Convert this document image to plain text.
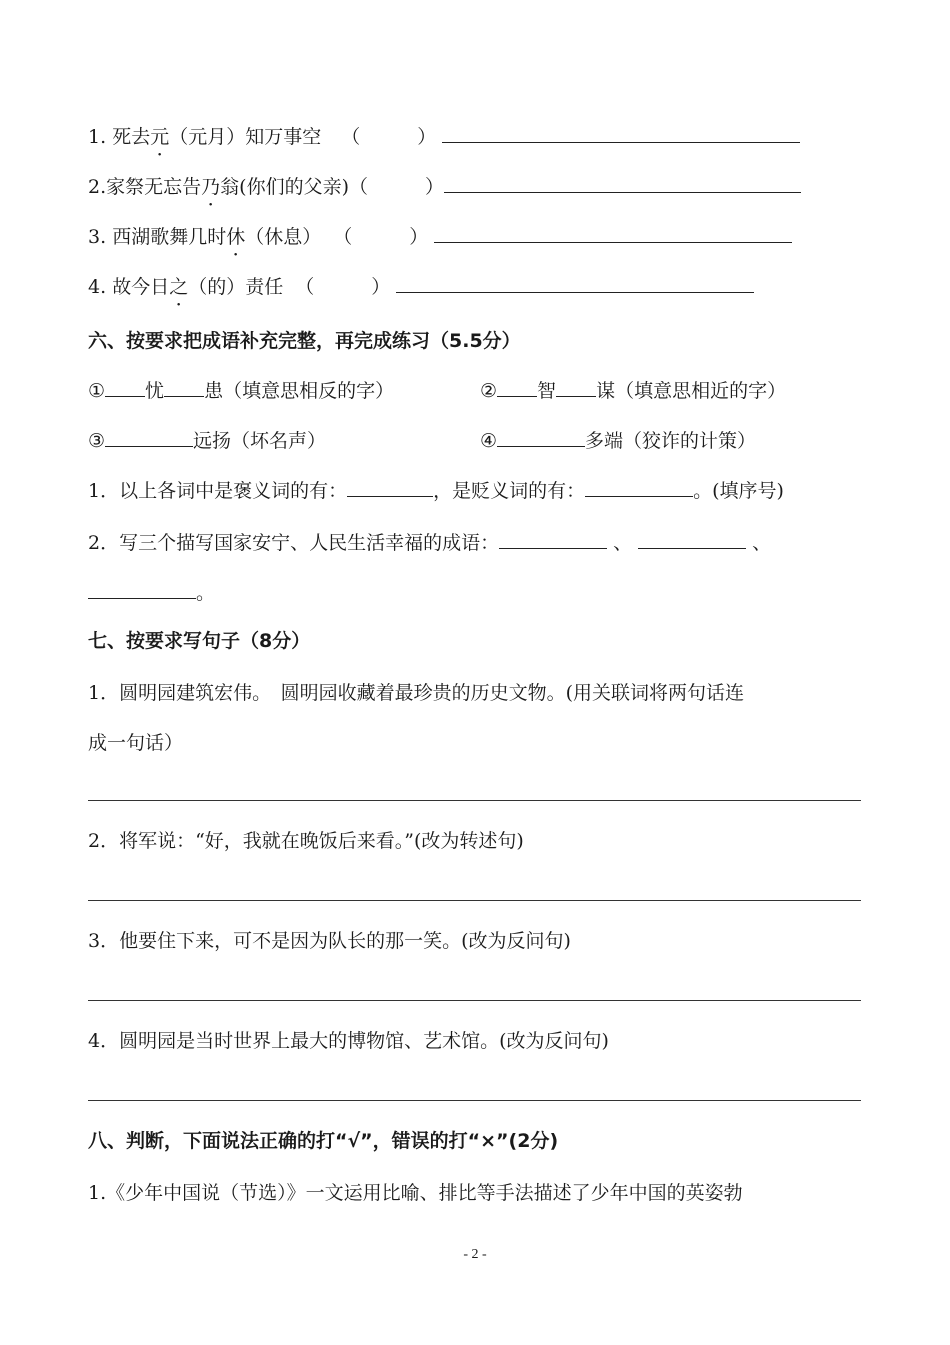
1. 死去元（元月）知万事空 （　　　）
2.家祭无忘告乃翁(你们的父亲)（　　　）
3. 西湖歌舞几时休（休息） （　　　）
4. 故今日之（的）责任 （　　　）
六、按要求把成语补充完整，再完成练习（5.5分）
① 忧 患（填意思相反的字）	② 智 谋（填意思相近的字）
③	远扬（坏名声）	④	多端（狡诈的计策）
1．以上各词中是褒义词的有：	，是贬义词的有：	。(填序号)
2．写三个描写国家安宁、人民生活幸福的成语：	、	、
。
七、按要求写句子（8分）
1．圆明园建筑宏伟。　圆明园收藏着最珍贵的历史文物。(用关联词将两句话连
成一句话）
2．将军说：“好，我就在晚饭后来看。”(改为转述句)
3．他要住下来，可不是因为队长的那一笑。(改为反问句)
4．圆明园是当时世界上最大的博物馆、艺术馆。(改为反问句)
八、判断，下面说法正确的打“√”，错误的打“×”(2分)
1.《少年中国说（节选）》一文运用比喻、排比等手法描述了少年中国的英姿勃
- 2 -
